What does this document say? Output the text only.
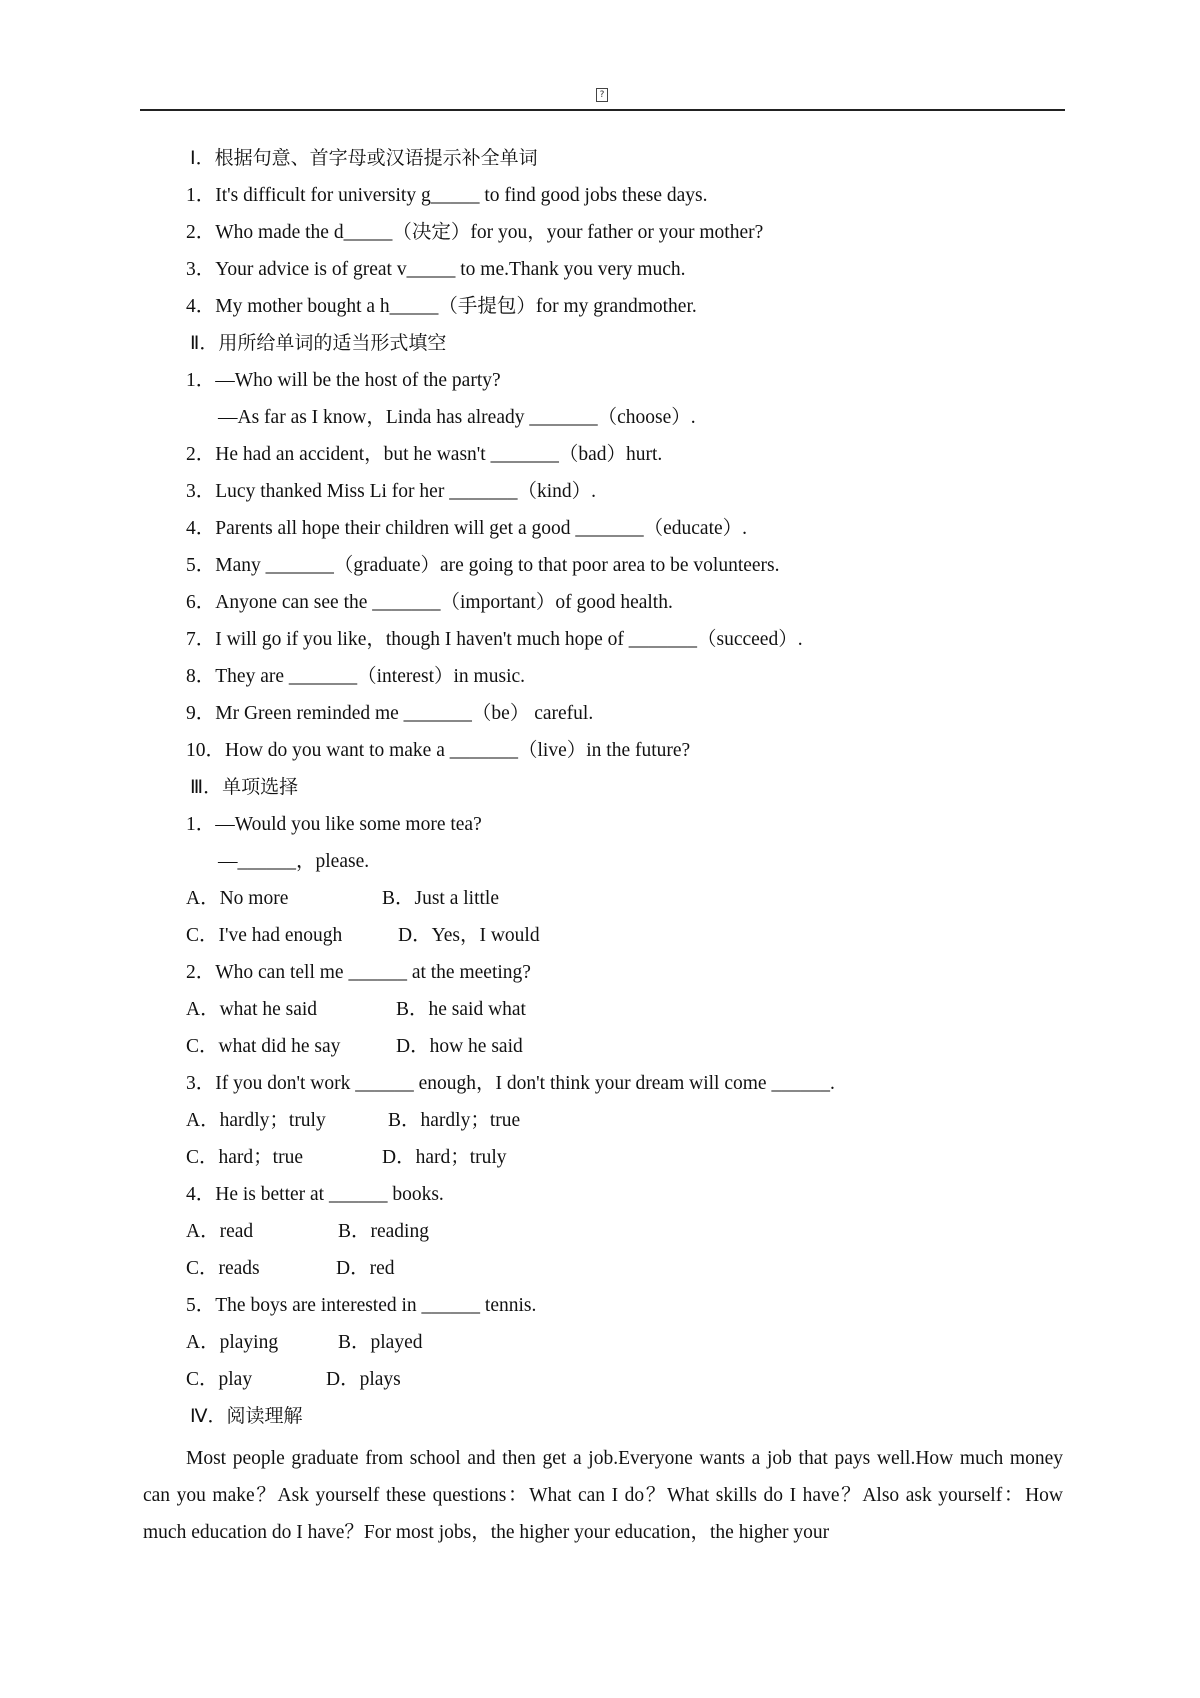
?
Ⅰ．根据句意、首字母或汉语提示补全单词
1．It's difficult for university g_____ to find good jobs these days.
2．Who made the d_____（决定）for you，your father or your mother?
3．Your advice is of great v_____ to me.Thank you very much.
4．My mother bought a h_____（手提包）for my grandmother.
Ⅱ．用所给单词的适当形式填空
1．—Who will be the host of the party?
—As far as I know，Linda has already _______（choose）.
2．He had an accident，but he wasn't _______（bad）hurt.
3．Lucy thanked Miss Li for her _______（kind）.
4．Parents all hope their children will get a good _______（educate）.
5．Many _______（graduate）are going to that poor area to be volunteers.
6．Anyone can see the _______（important）of good health.
7．I will go if you like，though I haven't much hope of _______（succeed）.
8．They are _______（interest）in music.
9．Mr Green reminded me _______（be） careful.
10．How do you want to make a _______（live）in the future?
Ⅲ．单项选择
1．—Would you like some more tea?
—______，please.
A．No more	B．Just a little
C．I've had enough	D．Yes，I would
2．Who can tell me ______ at the meeting?
A．what he said	B．he said what
C．what did he say	D．how he said
3．If you don't work ______ enough，I don't think your dream will come ______.
A．hardly；truly	B．hardly；true
C．hard；true	D．hard；truly
4．He is better at ______ books.
A．read	B．reading
C．reads	D．red
5．The boys are interested in ______ tennis.
A．playing	B．played
C．play	D．plays
Ⅳ．阅读理解

Most people graduate from school and then get a job.Everyone wants a job that pays well.How much money can you make？Ask yourself these questions：What can I do？What skills do I have？Also ask yourself：How much education do I have？For most jobs，the higher your education，the higher your
